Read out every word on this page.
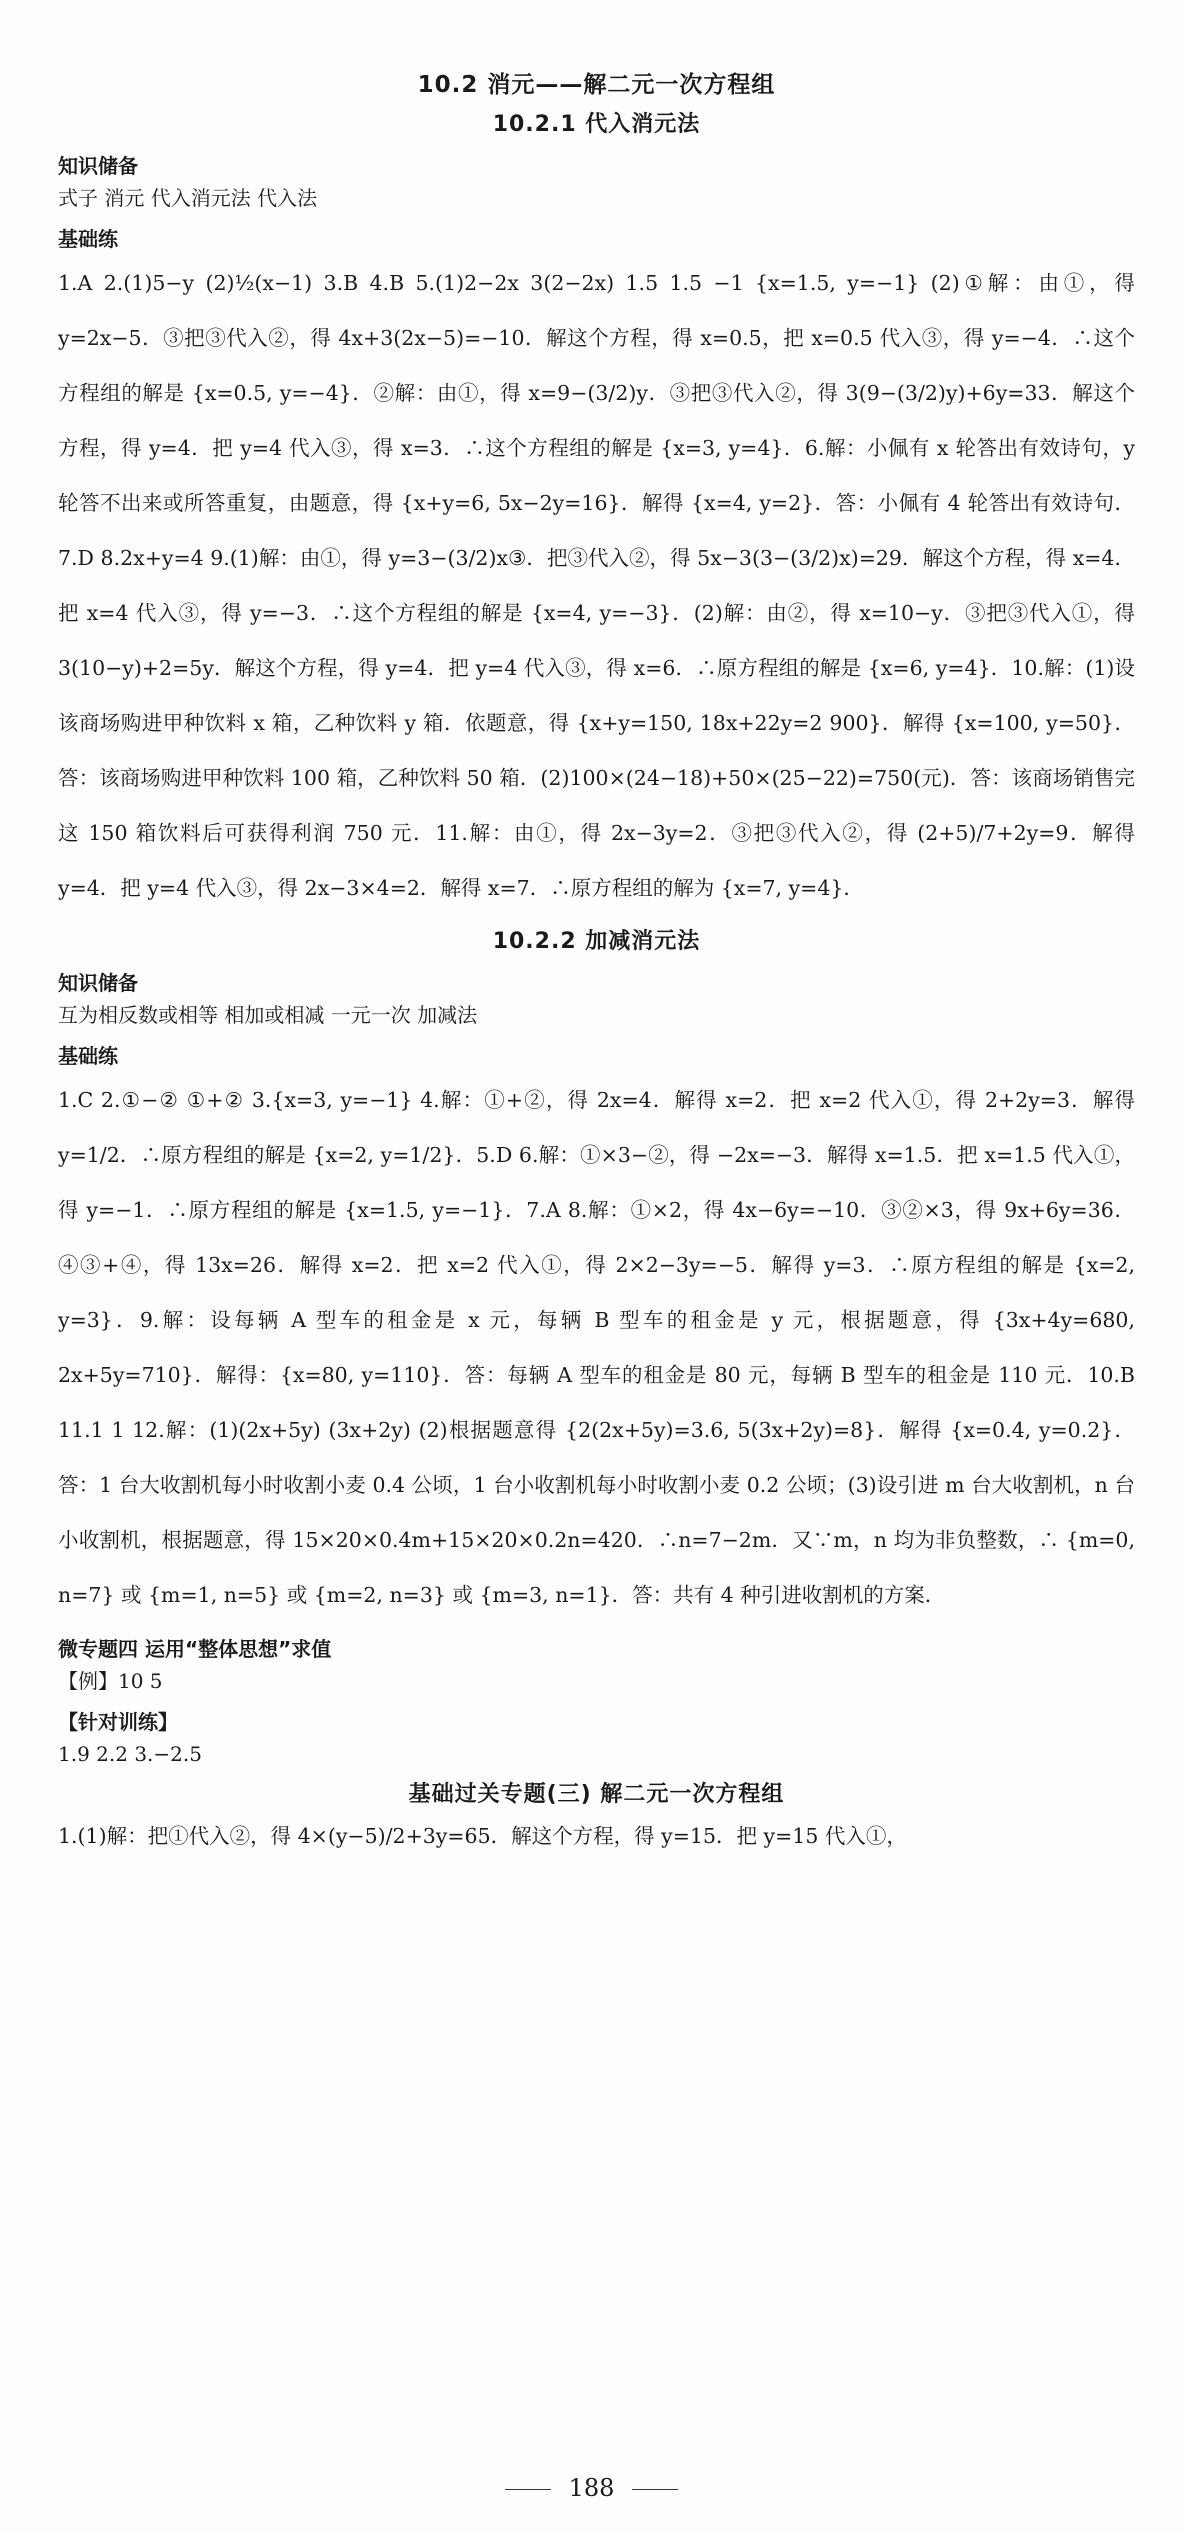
10.2 消元——解二元一次方程组
10.2.1 代入消元法
知识储备

式子 消元 代入消元法 代入法

基础练

1.A 2.(1)5−y (2)½(x−1) 3.B 4.B 5.(1)2−2x 3(2−2x) 1.5 1.5 −1 {x=1.5, y=−1} (2)①解：由①，得 y=2x−5．③把③代入②，得 4x+3(2x−5)=−10．解这个方程，得 x=0.5，把 x=0.5 代入③，得 y=−4．∴这个方程组的解是 {x=0.5, y=−4}．②解：由①，得 x=9−(3/2)y．③把③代入②，得 3(9−(3/2)y)+6y=33．解这个方程，得 y=4．把 y=4 代入③，得 x=3．∴这个方程组的解是 {x=3, y=4}．6.解：小佩有 x 轮答出有效诗句，y 轮答不出来或所答重复，由题意，得 {x+y=6, 5x−2y=16}．解得 {x=4, y=2}．答：小佩有 4 轮答出有效诗句．7.D 8.2x+y=4 9.(1)解：由①，得 y=3−(3/2)x③．把③代入②，得 5x−3(3−(3/2)x)=29．解这个方程，得 x=4．把 x=4 代入③，得 y=−3．∴这个方程组的解是 {x=4, y=−3}．(2)解：由②，得 x=10−y．③把③代入①，得 3(10−y)+2=5y．解这个方程，得 y=4．把 y=4 代入③，得 x=6．∴原方程组的解是 {x=6, y=4}．10.解：(1)设该商场购进甲种饮料 x 箱，乙种饮料 y 箱．依题意，得 {x+y=150, 18x+22y=2 900}．解得 {x=100, y=50}．答：该商场购进甲种饮料 100 箱，乙种饮料 50 箱．(2)100×(24−18)+50×(25−22)=750(元)．答：该商场销售完这 150 箱饮料后可获得利润 750 元．11.解：由①，得 2x−3y=2．③把③代入②，得 (2+5)/7+2y=9．解得 y=4．把 y=4 代入③，得 2x−3×4=2．解得 x=7．∴原方程组的解为 {x=7, y=4}．

10.2.2 加减消元法
知识储备

互为相反数或相等 相加或相减 一元一次 加减法

基础练

1.C 2.①−② ①+② 3.{x=3, y=−1} 4.解：①+②，得 2x=4．解得 x=2．把 x=2 代入①，得 2+2y=3．解得 y=1/2．∴原方程组的解是 {x=2, y=1/2}．5.D 6.解：①×3−②，得 −2x=−3．解得 x=1.5．把 x=1.5 代入①，得 y=−1．∴原方程组的解是 {x=1.5, y=−1}．7.A 8.解：①×2，得 4x−6y=−10．③②×3，得 9x+6y=36．④③+④，得 13x=26．解得 x=2．把 x=2 代入①，得 2×2−3y=−5．解得 y=3．∴原方程组的解是 {x=2, y=3}．9.解：设每辆 A 型车的租金是 x 元，每辆 B 型车的租金是 y 元，根据题意，得 {3x+4y=680, 2x+5y=710}．解得：{x=80, y=110}．答：每辆 A 型车的租金是 80 元，每辆 B 型车的租金是 110 元．10.B 11.1 1 12.解：(1)(2x+5y) (3x+2y) (2)根据题意得 {2(2x+5y)=3.6, 5(3x+2y)=8}．解得 {x=0.4, y=0.2}．答：1 台大收割机每小时收割小麦 0.4 公顷，1 台小收割机每小时收割小麦 0.2 公顷；(3)设引进 m 台大收割机，n 台小收割机，根据题意，得 15×20×0.4m+15×20×0.2n=420．∴n=7−2m．又∵m，n 均为非负整数，∴ {m=0, n=7} 或 {m=1, n=5} 或 {m=2, n=3} 或 {m=3, n=1}．答：共有 4 种引进收割机的方案．

微专题四 运用“整体思想”求值

【例】10 5

【针对训练】

1.9 2.2 3.−2.5

基础过关专题(三) 解二元一次方程组

1.(1)解：把①代入②，得 4×(y−5)/2+3y=65．解这个方程，得 y=15．把 y=15 代入①，

188
